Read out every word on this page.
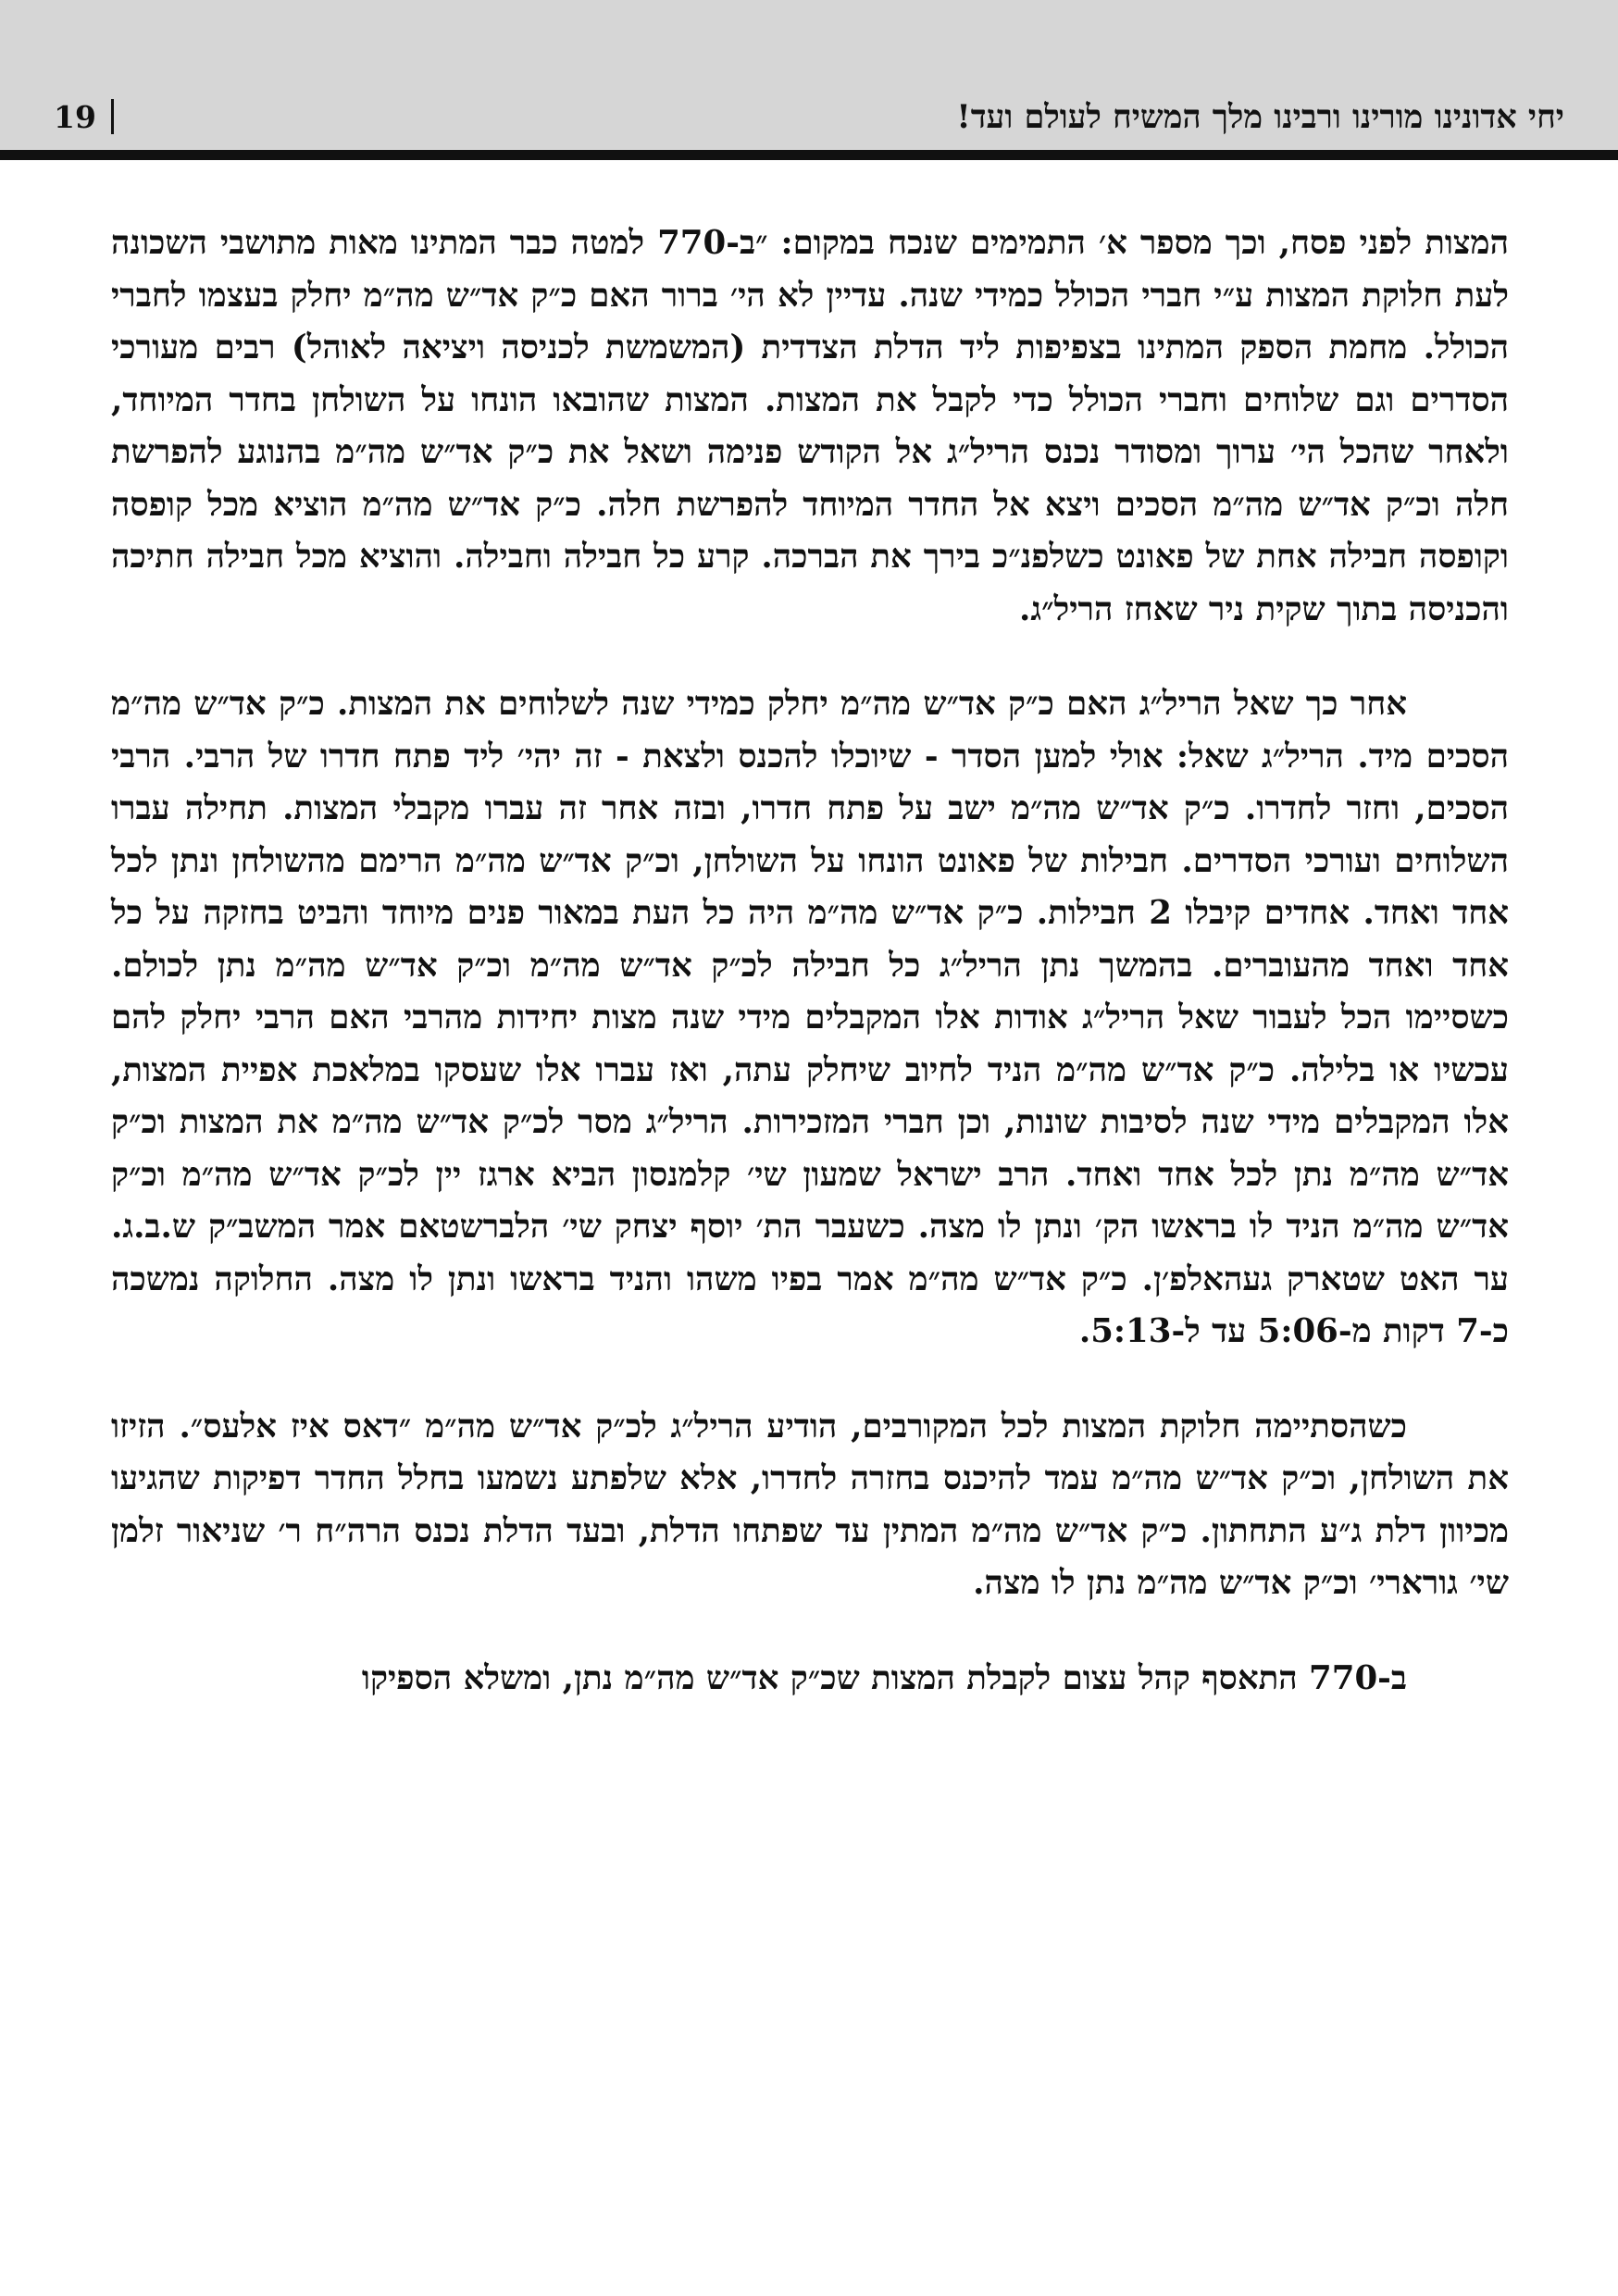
יחי אדונינו מורינו ורבינו מלך המשיח לעולם ועד!
19

המצות לפני פסח, וכך מספר א׳ התמימים שנכח במקום: ״ב-770 למטה כבר המתינו מאות מתושבי השכונה לעת חלוקת המצות ע״י חברי הכולל כמידי שנה. עדיין לא הי׳ ברור האם כ״ק אד״ש מה״מ יחלק בעצמו לחברי הכולל. מחמת הספק המתינו בצפיפות ליד הדלת הצדדית (המשמשת לכניסה ויציאה לאוהל) רבים מעורכי הסדרים וגם שלוחים וחברי הכולל כדי לקבל את המצות. המצות שהובאו הונחו על השולחן בחדר המיוחד, ולאחר שהכל הי׳ ערוך ומסודר נכנס הריל״ג אל הקודש פנימה ושאל את כ״ק אד״ש מה״מ בהנוגע להפרשת חלה וכ״ק אד״ש מה״מ הסכים ויצא אל החדר המיוחד להפרשת חלה. כ״ק אד״ש מה״מ הוציא מכל קופסה וקופסה חבילה אחת של פאונט כשלפנ״כ בירך את הברכה. קרע כל חבילה וחבילה. והוציא מכל חבילה חתיכה והכניסה בתוך שקית ניר שאחז הריל״ג.

אחר כך שאל הריל״ג האם כ״ק אד״ש מה״מ יחלק כמידי שנה לשלוחים את המצות. כ״ק אד״ש מה״מ הסכים מיד. הריל״ג שאל: אולי למען הסדר - שיוכלו להכנס ולצאת - זה יהי׳ ליד פתח חדרו של הרבי. הרבי הסכים, וחזר לחדרו. כ״ק אד״ש מה״מ ישב על פתח חדרו, ובזה אחר זה עברו מקבלי המצות. תחילה עברו השלוחים ועורכי הסדרים. חבילות של פאונט הונחו על השולחן, וכ״ק אד״ש מה״מ הרימם מהשולחן ונתן לכל אחד ואחד. אחדים קיבלו 2 חבילות. כ״ק אד״ש מה״מ היה כל העת במאור פנים מיוחד והביט בחזקה על כל אחד ואחד מהעוברים. בהמשך נתן הריל״ג כל חבילה לכ״ק אד״ש מה״מ וכ״ק אד״ש מה״מ נתן לכולם. כשסיימו הכל לעבור שאל הריל״ג אודות אלו המקבלים מידי שנה מצות יחידות מהרבי האם הרבי יחלק להם עכשיו או בלילה. כ״ק אד״ש מה״מ הניד לחיוב שיחלק עתה, ואז עברו אלו שעסקו במלאכת אפיית המצות, אלו המקבלים מידי שנה לסיבות שונות, וכן חברי המזכירות. הריל״ג מסר לכ״ק אד״ש מה״מ את המצות וכ״ק אד״ש מה״מ נתן לכל אחד ואחד. הרב ישראל שמעון שי׳ קלמנסון הביא ארגז יין לכ״ק אד״ש מה״מ וכ״ק אד״ש מה״מ הניד לו בראשו הק׳ ונתן לו מצה. כשעבר הת׳ יוסף יצחק שי׳ הלברשטאם אמר המשב״ק ש.ב.ג. ער האט שטארק געהאלפ׳ן. כ״ק אד״ש מה״מ אמר בפיו משהו והניד בראשו ונתן לו מצה. החלוקה נמשכה כ-7 דקות מ-5:06 עד ל-5:13.

כשהסתיימה חלוקת המצות לכל המקורבים, הודיע הריל״ג לכ״ק אד״ש מה״מ ״דאס איז אלעס״. הזיזו את השולחן, וכ״ק אד״ש מה״מ עמד להיכנס בחזרה לחדרו, אלא שלפתע נשמעו בחלל החדר דפיקות שהגיעו מכיוון דלת ג״ע התחתון. כ״ק אד״ש מה״מ המתין עד שפתחו הדלת, ובעד הדלת נכנס הרה״ח ר׳ שניאור זלמן שי׳ גורארי׳ וכ״ק אד״ש מה״מ נתן לו מצה.

ב-770 התאסף קהל עצום לקבלת המצות שכ״ק אד״ש מה״מ נתן, ומשלא הספיקו
